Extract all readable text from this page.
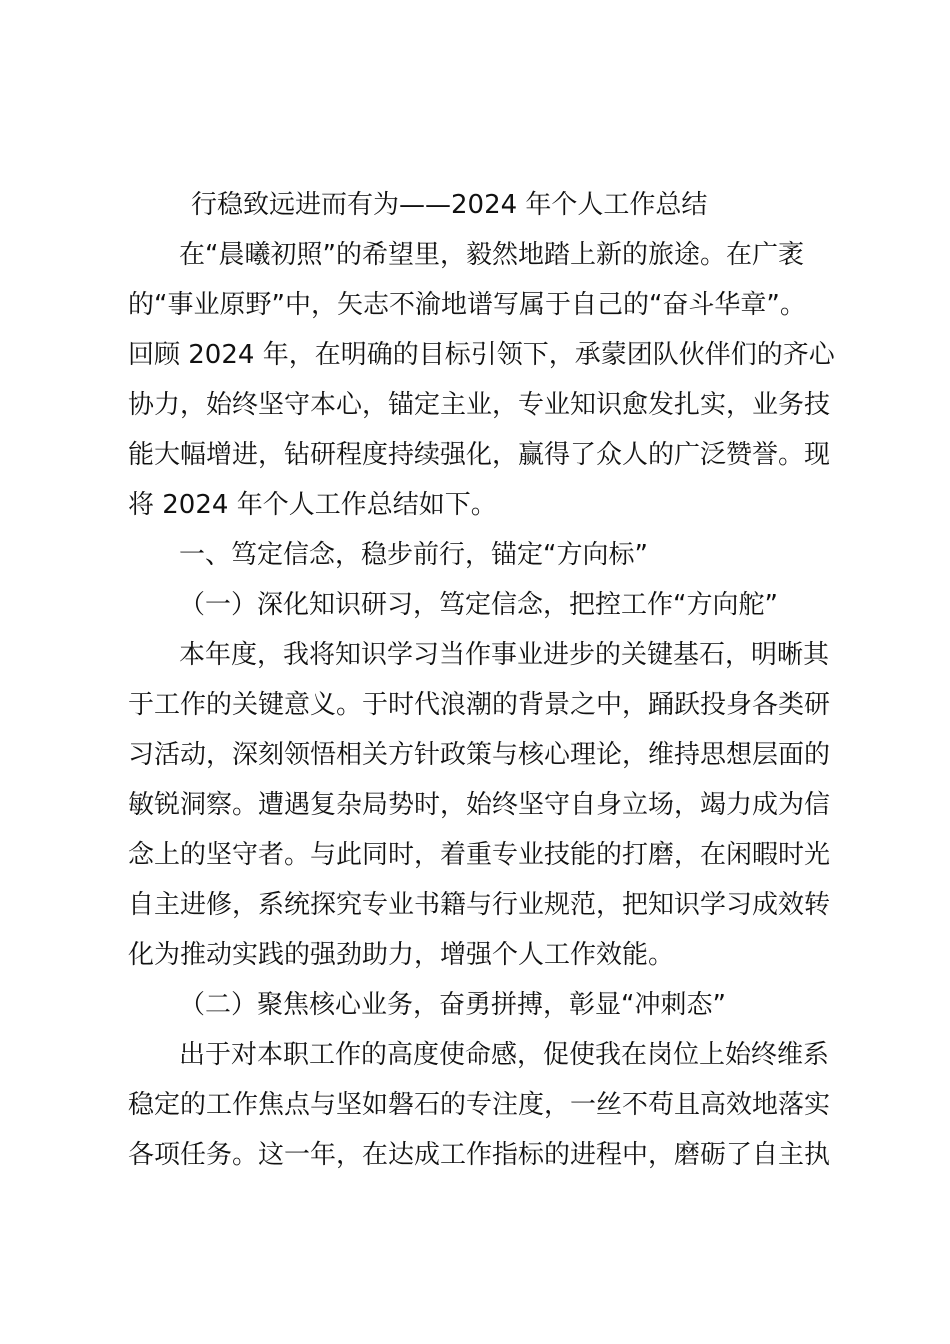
行稳致远进而有为——2024 年个人工作总结
在“晨曦初照”的希望里，毅然地踏上新的旅途。在广袤
的“事业原野”中，矢志不渝地谱写属于自己的“奋斗华章”。
回顾 2024 年，在明确的目标引领下，承蒙团队伙伴们的齐心
协力，始终坚守本心，锚定主业，专业知识愈发扎实，业务技
能大幅增进，钻研程度持续强化，赢得了众人的广泛赞誉。现
将 2024 年个人工作总结如下。
一、笃定信念，稳步前行，锚定“方向标”
（一）深化知识研习，笃定信念，把控工作“方向舵”
本年度，我将知识学习当作事业进步的关键基石，明晰其
于工作的关键意义。于时代浪潮的背景之中，踊跃投身各类研
习活动，深刻领悟相关方针政策与核心理论，维持思想层面的
敏锐洞察。遭遇复杂局势时，始终坚守自身立场，竭力成为信
念上的坚守者。与此同时，着重专业技能的打磨，在闲暇时光
自主进修，系统探究专业书籍与行业规范，把知识学习成效转
化为推动实践的强劲助力，增强个人工作效能。
（二）聚焦核心业务，奋勇拼搏，彰显“冲刺态”
出于对本职工作的高度使命感，促使我在岗位上始终维系
稳定的工作焦点与坚如磐石的专注度，一丝不苟且高效地落实
各项任务。这一年，在达成工作指标的进程中，磨砺了自主执
